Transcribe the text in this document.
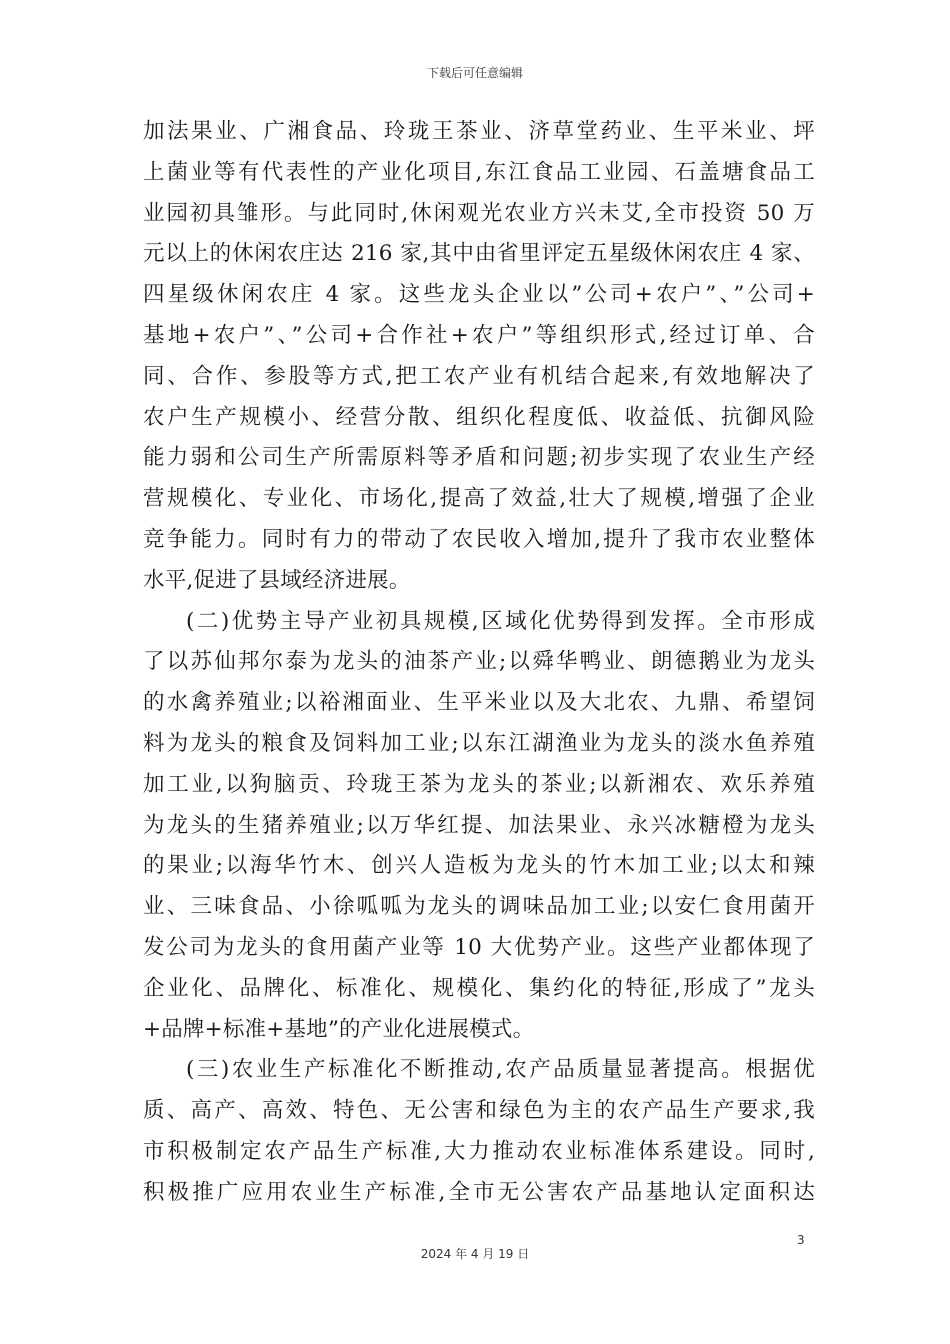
下载后可任意编辑
加法果业、广湘食品、玲珑王茶业、济草堂药业、生平米业、坪
上菌业等有代表性的产业化项目,东江食品工业园、石盖塘食品工
业园初具雏形。与此同时,休闲观光农业方兴未艾,全市投资 50 万
元以上的休闲农庄达 216 家,其中由省里评定五星级休闲农庄 4 家、
四星级休闲农庄 4 家。这些龙头企业以”公司+农户”、”公司+
基地+农户”、”公司+合作社+农户”等组织形式,经过订单、合
同、合作、参股等方式,把工农产业有机结合起来,有效地解决了
农户生产规模小、经营分散、组织化程度低、收益低、抗御风险
能力弱和公司生产所需原料等矛盾和问题;初步实现了农业生产经
营规模化、专业化、市场化,提高了效益,壮大了规模,增强了企业
竞争能力。同时有力的带动了农民收入增加,提升了我市农业整体
水平,促进了县域经济进展。
(二)优势主导产业初具规模,区域化优势得到发挥。全市形成
了以苏仙邦尔泰为龙头的油茶产业;以舜华鸭业、朗德鹅业为龙头
的水禽养殖业;以裕湘面业、生平米业以及大北农、九鼎、希望饲
料为龙头的粮食及饲料加工业;以东江湖渔业为龙头的淡水鱼养殖
加工业,以狗脑贡、玲珑王茶为龙头的茶业;以新湘农、欢乐养殖
为龙头的生猪养殖业;以万华红提、加法果业、永兴冰糖橙为龙头
的果业;以海华竹木、创兴人造板为龙头的竹木加工业;以太和辣
业、三味食品、小徐呱呱为龙头的调味品加工业;以安仁食用菌开
发公司为龙头的食用菌产业等 10 大优势产业。这些产业都体现了
企业化、品牌化、标准化、规模化、集约化的特征,形成了”龙头
+品牌+标准+基地”的产业化进展模式。
(三)农业生产标准化不断推动,农产品质量显著提高。根据优
质、高产、高效、特色、无公害和绿色为主的农产品生产要求,我
市积极制定农产品生产标准,大力推动农业标准体系建设。同时,
积极推广应用农业生产标准,全市无公害农产品基地认定面积达
3
2024 年 4 月 19 日
